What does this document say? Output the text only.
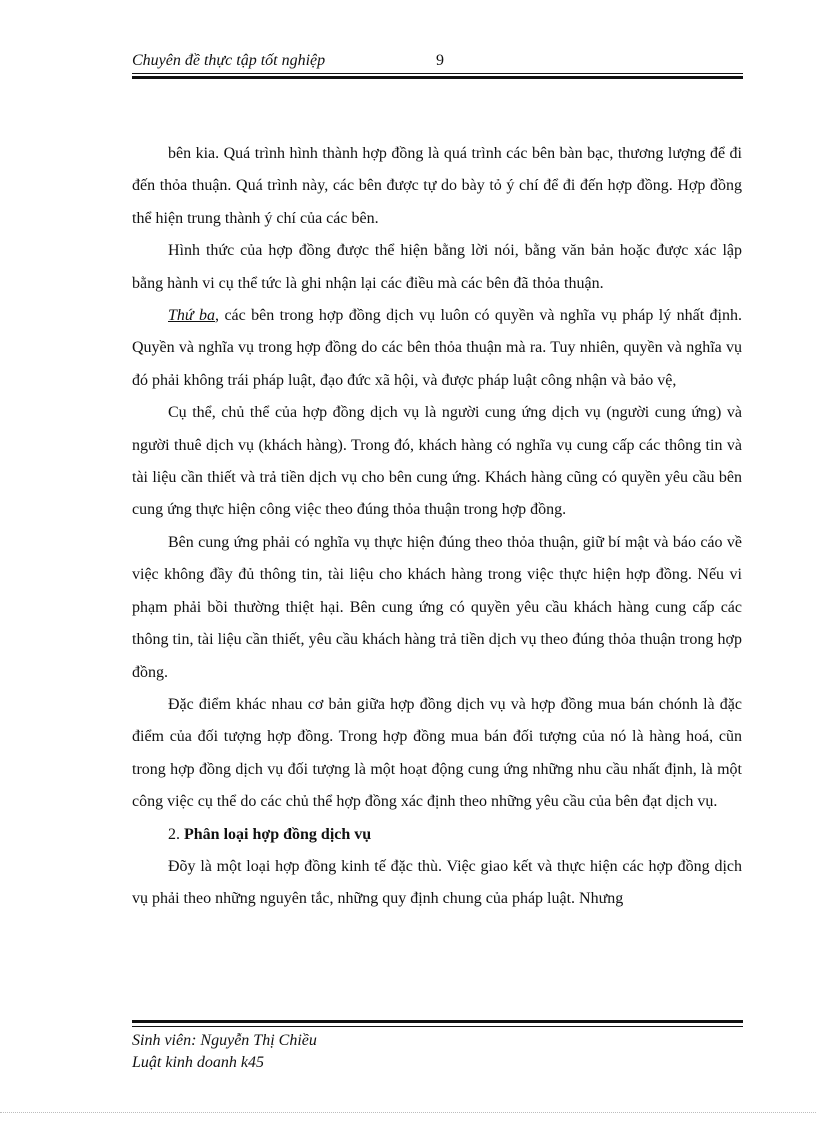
Chuyên đề thực tập tốt nghiệp	9

bên kia. Quá trình hình thành hợp đồng là quá trình các bên bàn bạc, thương lượng để đi đến thỏa thuận. Quá trình này, các bên được tự do bày tỏ ý chí để đi đến hợp đồng. Hợp đồng thể hiện trung thành ý chí của các bên.

Hình thức của hợp đồng được thể hiện bằng lời nói, bằng văn bản hoặc được xác lập bằng hành vi cụ thể tức là ghi nhận lại các điều mà các bên đã thỏa thuận.

Thứ ba, các bên trong hợp đồng dịch vụ luôn có quyền và nghĩa vụ pháp lý nhất định. Quyền và nghĩa vụ trong hợp đồng do các bên thỏa thuận mà ra. Tuy nhiên, quyền và nghĩa vụ đó phải không trái pháp luật, đạo đức xã hội, và được pháp luật công nhận và bảo vệ,

Cụ thể, chủ thể của hợp đồng dịch vụ là người cung ứng dịch vụ (người cung ứng) và người thuê dịch vụ (khách hàng). Trong đó, khách hàng có nghĩa vụ cung cấp các thông tin và tài liệu cần thiết và trả tiền dịch vụ cho bên cung ứng. Khách hàng cũng có quyền yêu cầu bên cung ứng thực hiện công việc theo đúng thỏa thuận trong hợp đồng.

Bên cung ứng phải có nghĩa vụ thực hiện đúng theo thỏa thuận, giữ bí mật và báo cáo về việc không đầy đủ thông tin, tài liệu cho khách hàng trong việc thực hiện hợp đồng. Nếu vi phạm phải bồi thường thiệt hại. Bên cung ứng có quyền yêu cầu khách hàng cung cấp các thông tin, tài liệu cần thiết, yêu cầu khách hàng trả tiền dịch vụ theo đúng thỏa thuận trong hợp đồng.

Đặc điểm khác nhau cơ bản giữa hợp đồng dịch vụ và hợp đồng mua bán chónh là đặc điểm của đối tượng hợp đồng. Trong hợp đồng mua bán đối tượng của nó là hàng hoá, cũn trong hợp đồng dịch vụ đối tượng là một hoạt động cung ứng những nhu cầu nhất định, là một công việc cụ thể do các chủ thể hợp đồng xác định theo những yêu cầu của bên đạt dịch vụ.

2. Phân loại hợp đồng dịch vụ

Đõy là một loại hợp đồng kinh tế đặc thù. Việc giao kết và thực hiện các hợp đồng dịch vụ phải theo những nguyên tắc, những quy định chung của pháp luật. Nhưng

Sinh viên: Nguyễn Thị Chiều
Luật kinh doanh k45
